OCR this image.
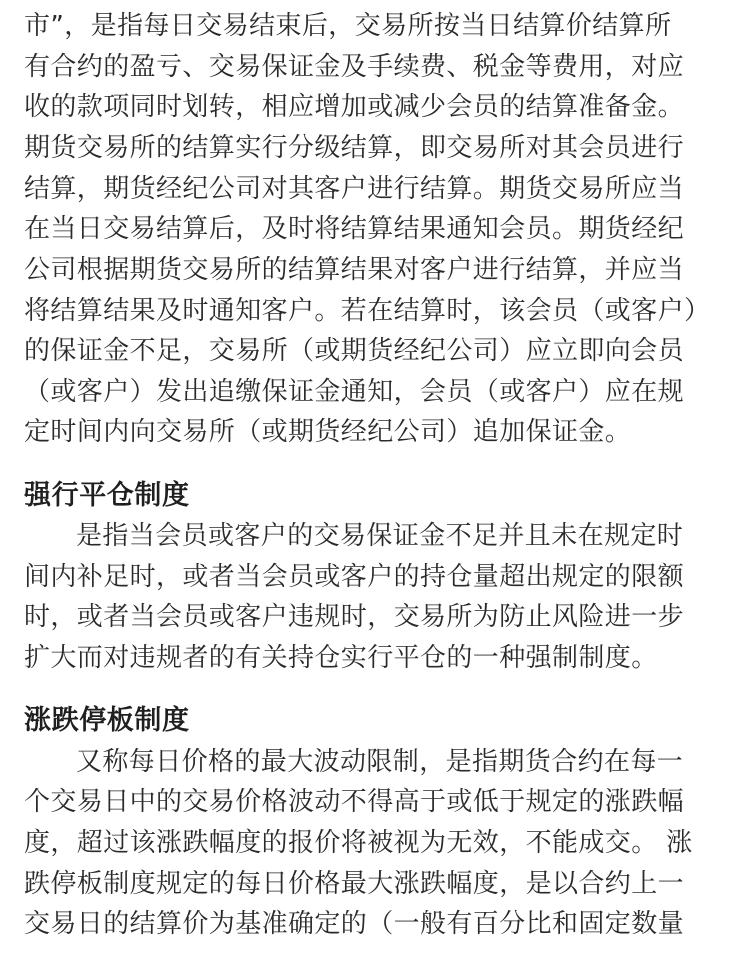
市”，是指每日交易结束后，交易所按当日结算价结算所
有合约的盈亏、交易保证金及手续费、税金等费用，对应
收的款项同时划转，相应增加或减少会员的结算准备金。
期货交易所的结算实行分级结算，即交易所对其会员进行
结算，期货经纪公司对其客户进行结算。期货交易所应当
在当日交易结算后，及时将结算结果通知会员。期货经纪
公司根据期货交易所的结算结果对客户进行结算，并应当
将结算结果及时通知客户。若在结算时，该会员（或客户）
的保证金不足，交易所（或期货经纪公司）应立即向会员
（或客户）发出追缴保证金通知，会员（或客户）应在规
定时间内向交易所（或期货经纪公司）追加保证金。
强行平仓制度
是指当会员或客户的交易保证金不足并且未在规定时
间内补足时，或者当会员或客户的持仓量超出规定的限额
时，或者当会员或客户违规时，交易所为防止风险进一步
扩大而对违规者的有关持仓实行平仓的一种强制制度。
涨跌停板制度
又称每日价格的最大波动限制，是指期货合约在每一
个交易日中的交易价格波动不得高于或低于规定的涨跌幅
度，超过该涨跌幅度的报价将被视为无效，不能成交。 涨
跌停板制度规定的每日价格最大涨跌幅度，是以合约上一
交易日的结算价为基准确定的（一般有百分比和固定数量
